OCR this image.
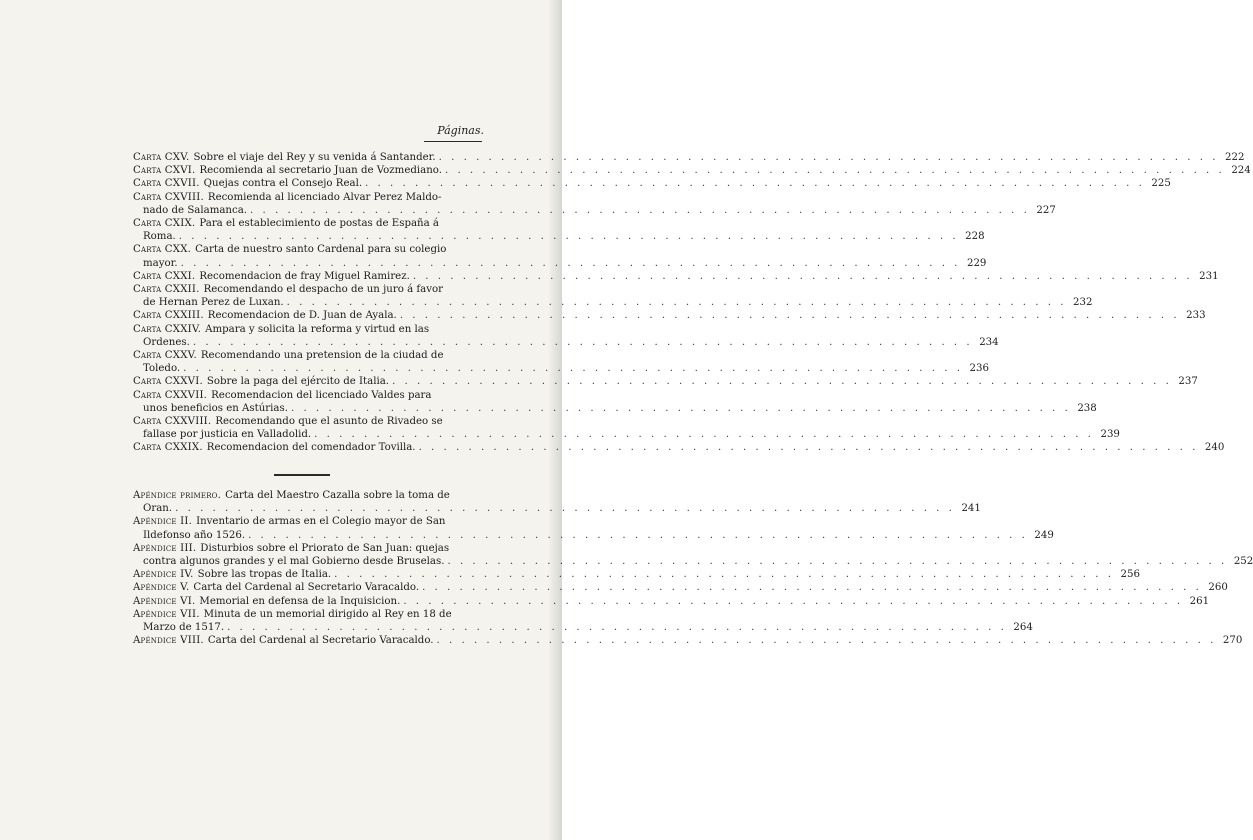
Páginas.
Carta CXV. Sobre el viaje del Rey y su venida á Santander. . . .	222
Carta CXVI. Recomienda al secretario Juan de Vozmediano. . . .	224
Carta CXVII. Quejas contra el Consejo Real. . . .	225
Carta CXVIII. Recomienda al licenciado Alvar Perez Maldo-
nado de Salamanca. . . .	227
Carta CXIX. Para el establecimiento de postas de España á
Roma. . . .	228
Carta CXX. Carta de nuestro santo Cardenal para su colegio
mayor. . . .	229
Carta CXXI. Recomendacion de fray Miguel Ramirez. . . .	231
Carta CXXII. Recomendando el despacho de un juro á favor
de Hernan Perez de Luxan. . . .	232
Carta CXXIII. Recomendacion de D. Juan de Ayala. . . .	233
Carta CXXIV. Ampara y solicita la reforma y virtud en las
Ordenes. . . .	234
Carta CXXV. Recomendando una pretension de la ciudad de
Toledo. . . .	236
Carta CXXVI. Sobre la paga del ejército de Italia. . . .	237
Carta CXXVII. Recomendacion del licenciado Valdes para
unos beneficios en Astúrias. . . .	238
Carta CXXVIII. Recomendando que el asunto de Rivadeo se
fallase por justicia en Valladolid. . . .	239
Carta CXXIX. Recomendacion del comendador Tovilla. . . .	240
Apéndice primero. Carta del Maestro Cazalla sobre la toma de
Oran. . . .	241
Apéndice II. Inventario de armas en el Colegio mayor de San
Ildefonso año 1526. . . .	249
Apéndice III. Disturbios sobre el Priorato de San Juan: quejas
contra algunos grandes y el mal Gobierno desde Bruselas. . . .	252
Apéndice IV. Sobre las tropas de Italia. . . .	256
Apéndice V. Carta del Cardenal al Secretario Varacaldo. . . .	260
Apéndice VI. Memorial en defensa de la Inquisicion. . . .	261
Apéndice VII. Minuta de un memorial dirigido al Rey en 18 de
Marzo de 1517. . . .	264
Apéndice VIII. Carta del Cardenal al Secretario Varacaldo. . . .	270
